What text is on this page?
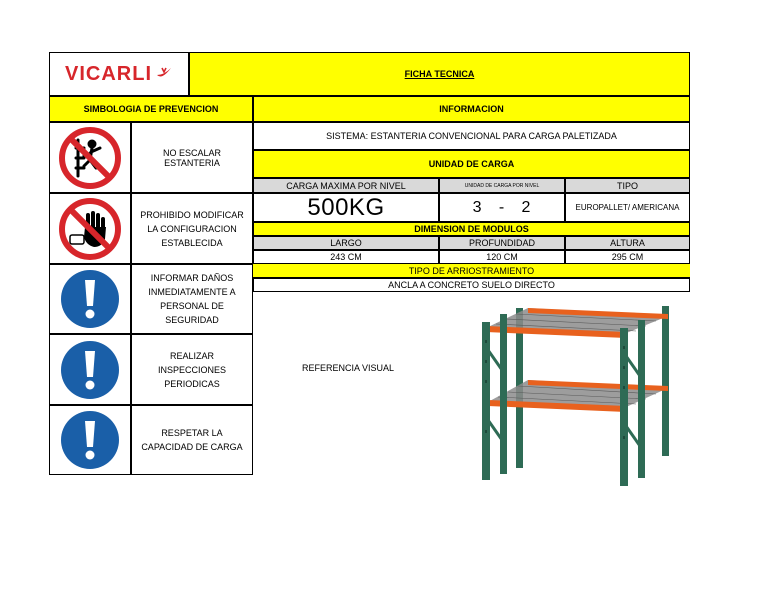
VICARLI	FICHA TECNICA
SIMBOLOGIA DE PREVENCION	INFORMACION
NO ESCALAR ESTANTERIA
PROHIBIDO MODIFICAR LA CONFIGURACION ESTABLECIDA
INFORMAR DAÑOS INMEDIATAMENTE A PERSONAL DE SEGURIDAD
REALIZAR INSPECCIONES PERIODICAS
RESPETAR LA CAPACIDAD DE CARGA
SISTEMA: ESTANTERIA CONVENCIONAL PARA CARGA PALETIZADA
UNIDAD DE CARGA
CARGA MAXIMA POR NIVEL	UNIDAD DE CARGA POR NIVEL	TIPO
500KG	3   -   2	EUROPALLET/ AMERICANA
DIMENSION DE MODULOS
LARGO	PROFUNDIDAD	ALTURA
243 CM	120 CM	295 CM
TIPO DE ARRIOSTRAMIENTO
ANCLA A CONCRETO SUELO DIRECTO
REFERENCIA VISUAL
